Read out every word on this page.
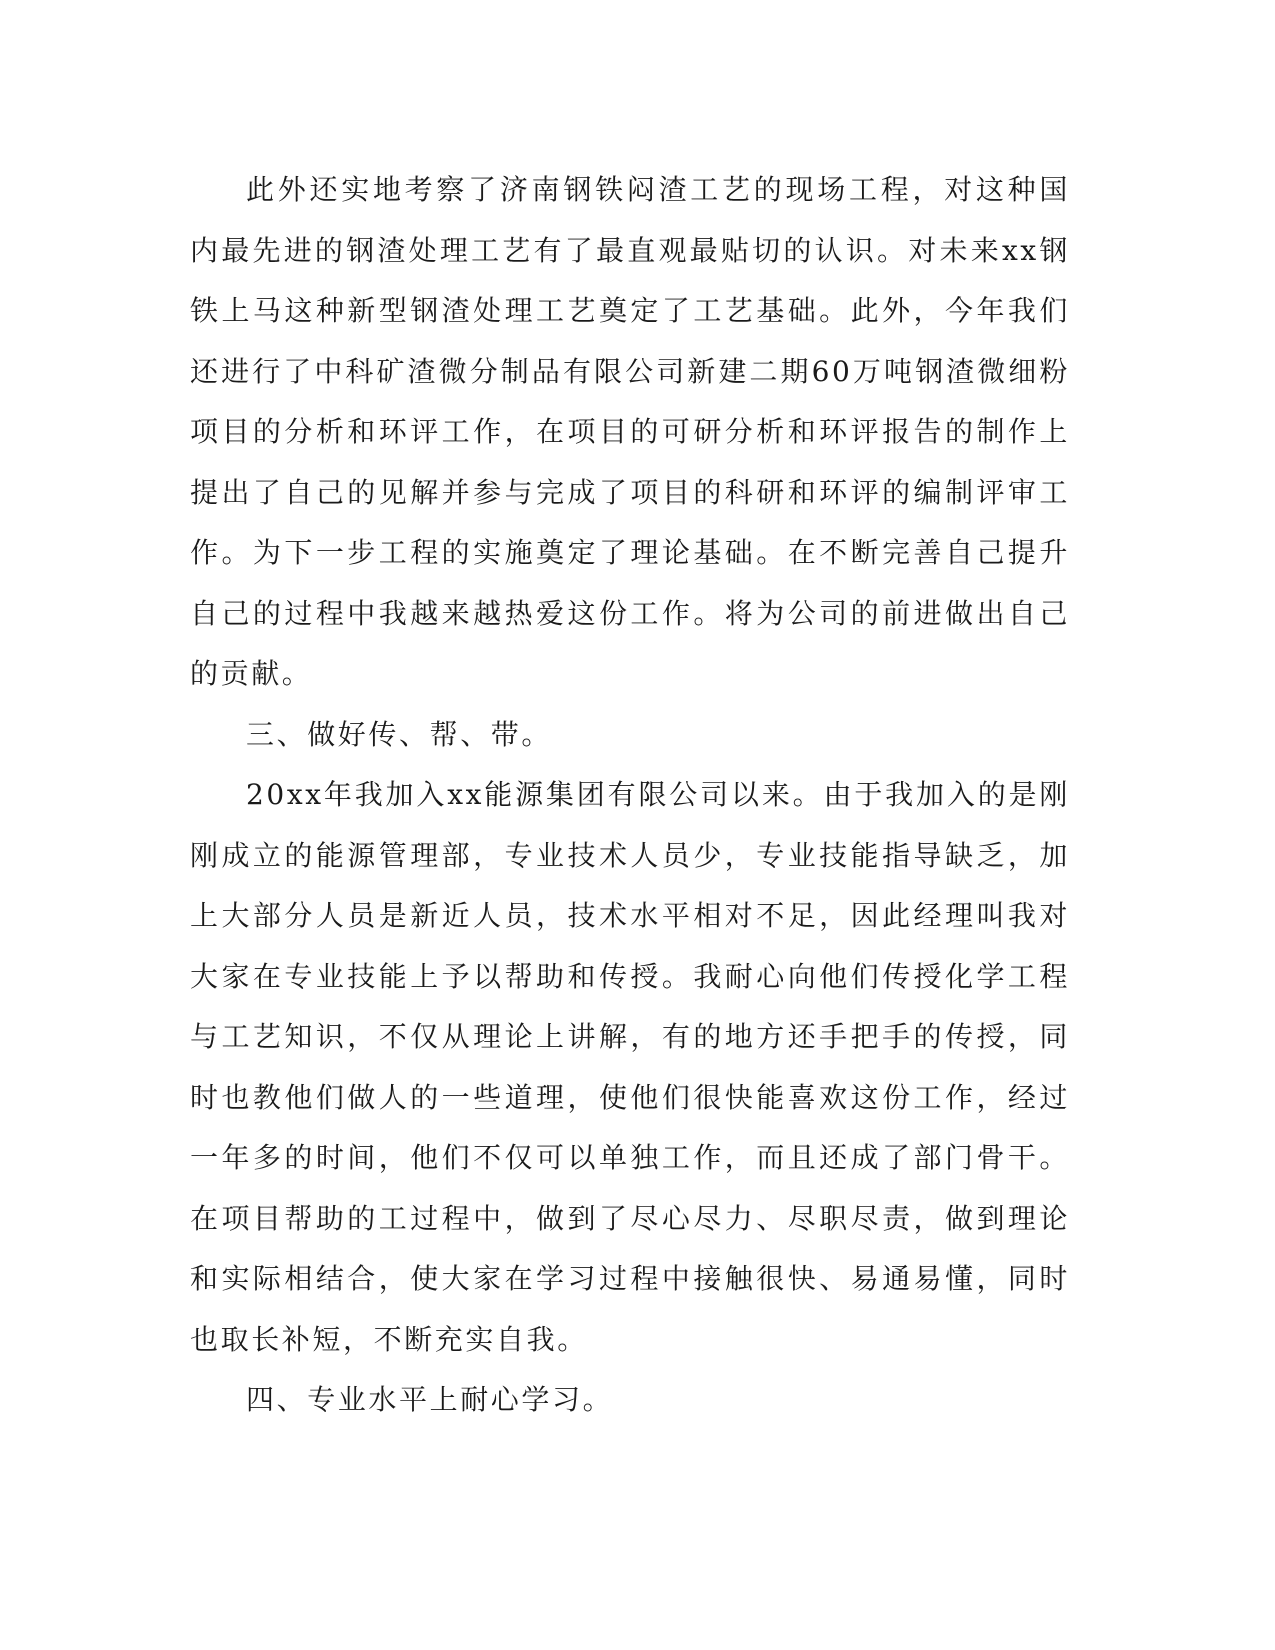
此外还实地考察了济南钢铁闷渣工艺的现场工程，对这种国内最先进的钢渣处理工艺有了最直观最贴切的认识。对未来xx钢铁上马这种新型钢渣处理工艺奠定了工艺基础。此外，今年我们还进行了中科矿渣微分制品有限公司新建二期60万吨钢渣微细粉项目的分析和环评工作，在项目的可研分析和环评报告的制作上提出了自己的见解并参与完成了项目的科研和环评的编制评审工作。为下一步工程的实施奠定了理论基础。在不断完善自己提升自己的过程中我越来越热爱这份工作。将为公司的前进做出自己的贡献。

三、做好传、帮、带。

20xx年我加入xx能源集团有限公司以来。由于我加入的是刚刚成立的能源管理部，专业技术人员少，专业技能指导缺乏，加上大部分人员是新近人员，技术水平相对不足，因此经理叫我对大家在专业技能上予以帮助和传授。我耐心向他们传授化学工程与工艺知识，不仅从理论上讲解，有的地方还手把手的传授，同时也教他们做人的一些道理，使他们很快能喜欢这份工作，经过一年多的时间，他们不仅可以单独工作，而且还成了部门骨干。在项目帮助的工过程中，做到了尽心尽力、尽职尽责，做到理论和实际相结合，使大家在学习过程中接触很快、易通易懂，同时也取长补短，不断充实自我。

四、专业水平上耐心学习。
